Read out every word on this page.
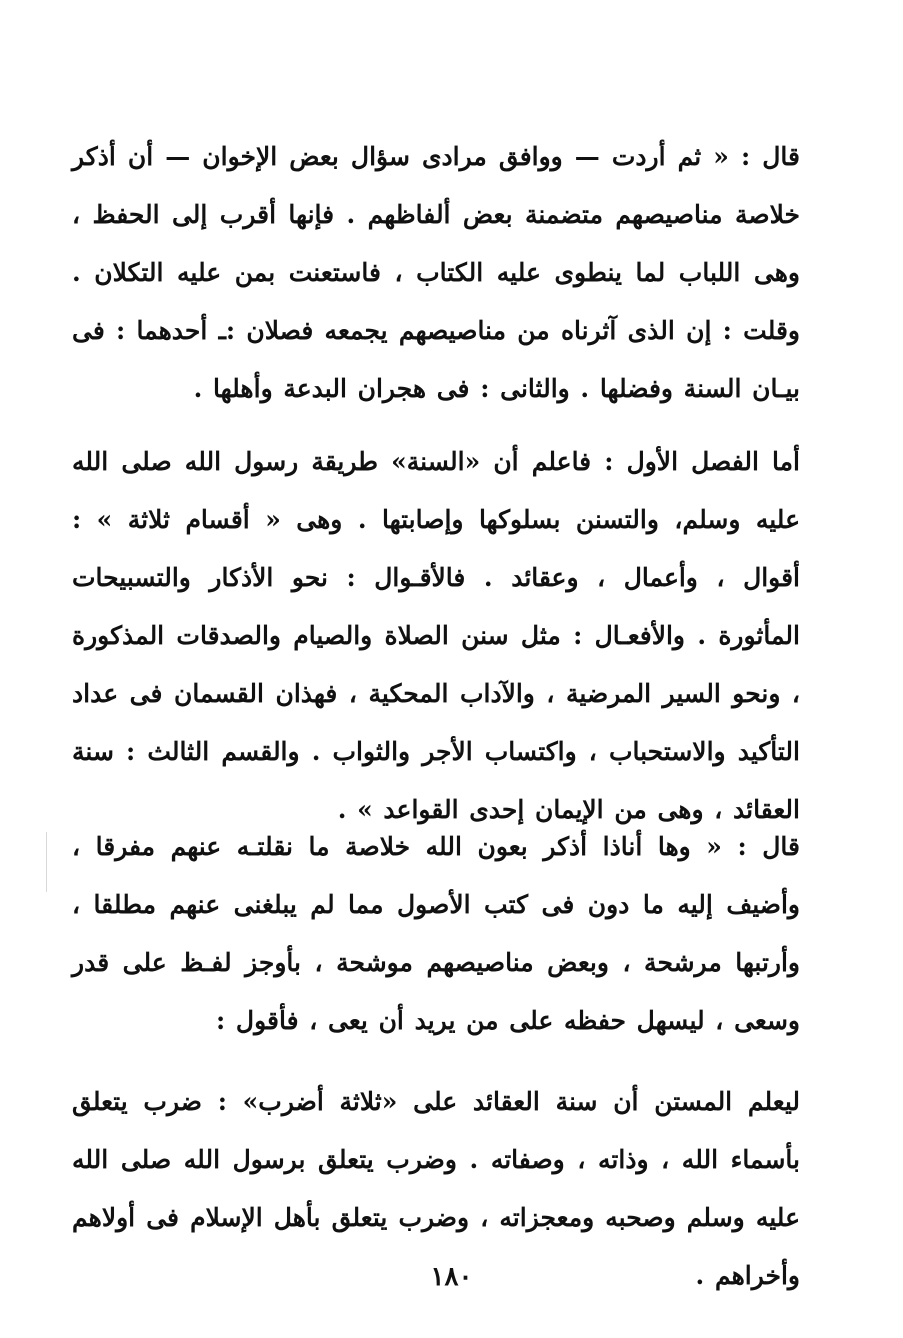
قال : « ثم أردت — ووافق مرادى سؤال بعض الإخوان — أن أذكر خلاصة مناصيصهم متضمنة بعض ألفاظهم . فإنها أقرب إلى الحفظ ، وهى اللباب لما ينطوى عليه الكتاب ، فاستعنت بمن عليه التكلان . وقلت : إن الذى آثرناه من مناصيصهم يجمعه فصلان :ـ أحدهما : فى بيـان السنة وفضلها . والثانى : فى هجران البدعة وأهلها .

أما الفصل الأول : فاعلم أن «السنة» طريقة رسول الله صلى الله عليه وسلم، والتسنن بسلوكها وإصابتها . وهى « أقسام ثلاثة » : أقوال ، وأعمال ، وعقائد . فالأقـوال : نحو الأذكار والتسبيحات المأثورة . والأفعـال : مثل سنن الصلاة والصيام والصدقات المذكورة ، ونحو السير المرضية ، والآداب المحكية ، فهذان القسمان فى عداد التأكيد والاستحباب ، واكتساب الأجر والثواب . والقسم الثالث : سنة العقائد ، وهى من الإيمان إحدى القواعد » .

قال : « وها أناذا أذكر بعون الله خلاصة ما نقلتـه عنهم مفرقا ، وأضيف إليه ما دون فى كتب الأصول مما لم يبلغنى عنهم مطلقا ، وأرتبها مرشحة ، وبعض مناصيصهم موشحة ، بأوجز لفـظ على قدر وسعى ، ليسهل حفظه على من يريد أن يعى ، فأقول :

ليعلم المستن أن سنة العقائد على «ثلاثة أضرب» : ضرب يتعلق بأسماء الله ، وذاته ، وصفاته . وضرب يتعلق برسول الله صلى الله عليه وسلم وصحبه ومعجزاته ، وضرب يتعلق بأهل الإسلام فى أولاهم وأخراهم .

١٨٠
